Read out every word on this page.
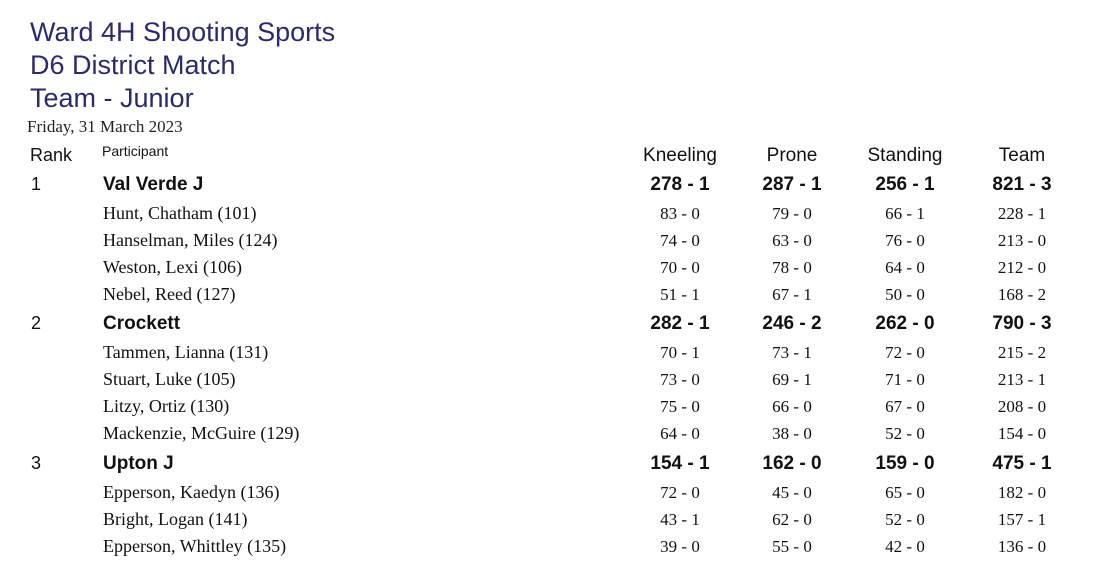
Ward 4H Shooting Sports
D6 District Match
Team - Junior
Friday, 31 March 2023
Rank Participant	Kneeling	Prone	Standing	Team
1	Val Verde J	278 - 1	287 - 1	256 - 1	821 - 3
Hunt, Chatham (101)	83 - 0	79 - 0	66 - 1	228 - 1
Hanselman, Miles (124)	74 - 0	63 - 0	76 - 0	213 - 0
Weston, Lexi (106)	70 - 0	78 - 0	64 - 0	212 - 0
Nebel, Reed (127)	51 - 1	67 - 1	50 - 0	168 - 2
2	Crockett	282 - 1	246 - 2	262 - 0	790 - 3
Tammen, Lianna (131)	70 - 1	73 - 1	72 - 0	215 - 2
Stuart, Luke (105)	73 - 0	69 - 1	71 - 0	213 - 1
Litzy, Ortiz (130)	75 - 0	66 - 0	67 - 0	208 - 0
Mackenzie, McGuire (129)	64 - 0	38 - 0	52 - 0	154 - 0
3	Upton J	154 - 1	162 - 0	159 - 0	475 - 1
Epperson, Kaedyn (136)	72 - 0	45 - 0	65 - 0	182 - 0
Bright, Logan (141)	43 - 1	62 - 0	52 - 0	157 - 1
Epperson, Whittley (135)	39 - 0	55 - 0	42 - 0	136 - 0
